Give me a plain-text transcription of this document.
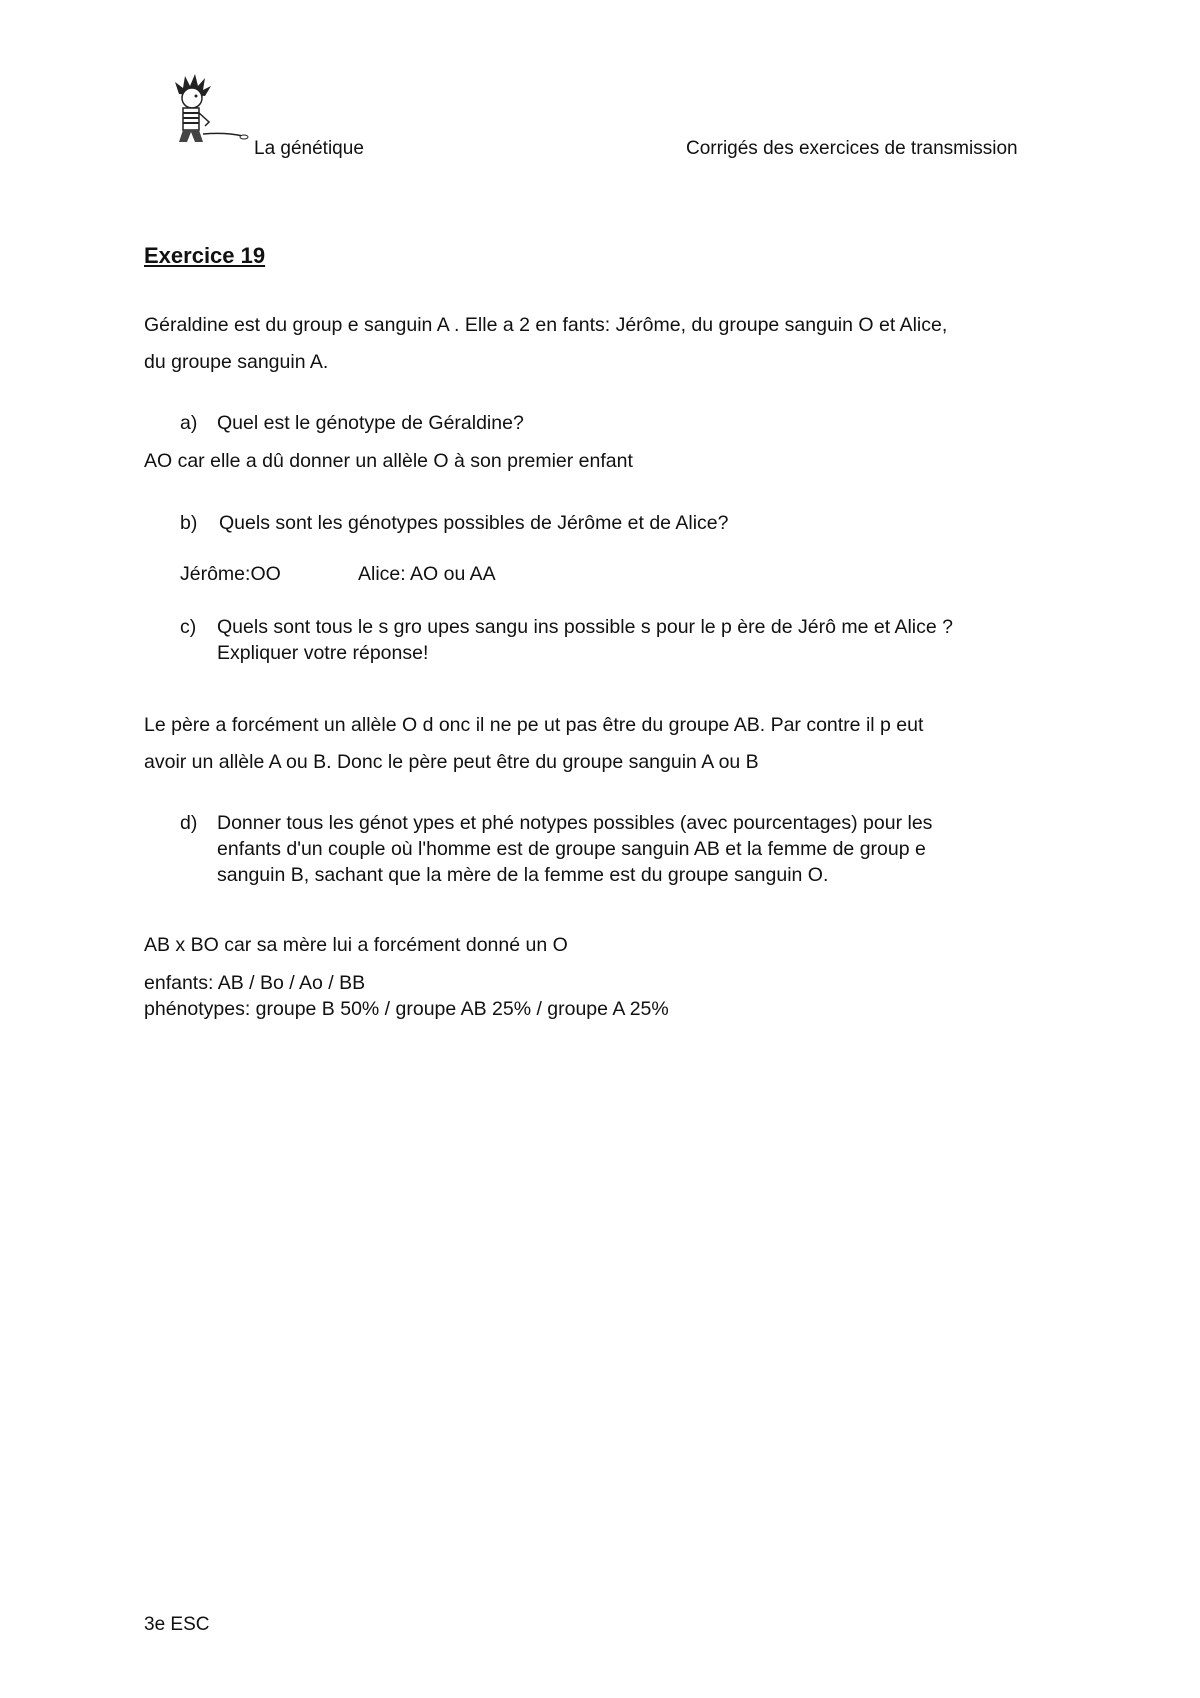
La génétique	Corrigés des exercices de transmission
Exercice 19
Géraldine est du group e sanguin A . Elle a 2 en fants: Jérôme, du groupe sanguin O et Alice,
du groupe sanguin A.
a) Quel est le génotype de Géraldine?
AO car elle a dû donner un allèle O à son premier enfant
b) Quels sont les génotypes possibles de Jérôme et de Alice?
Jérôme:OO	Alice: AO ou AA
c) Quels sont tous le s gro upes sangu ins possible s pour le p ère de Jérô me et Alice ?
Expliquer votre réponse!
Le père a forcément un allèle O d onc il ne pe ut pas être du groupe AB. Par contre il p eut
avoir un allèle A ou B. Donc le père peut être du groupe sanguin A ou B
d) Donner tous les génot ypes et phé notypes possibles (avec pourcentages) pour les
enfants d'un couple où l'homme est de groupe sanguin AB et la femme de group e
sanguin B, sachant que la mère de la femme est du groupe sanguin O.
AB x BO car sa mère lui a forcément donné un O
enfants: AB / Bo / Ao / BB
phénotypes: groupe B 50% / groupe AB 25% / groupe A 25%
3e ESC
